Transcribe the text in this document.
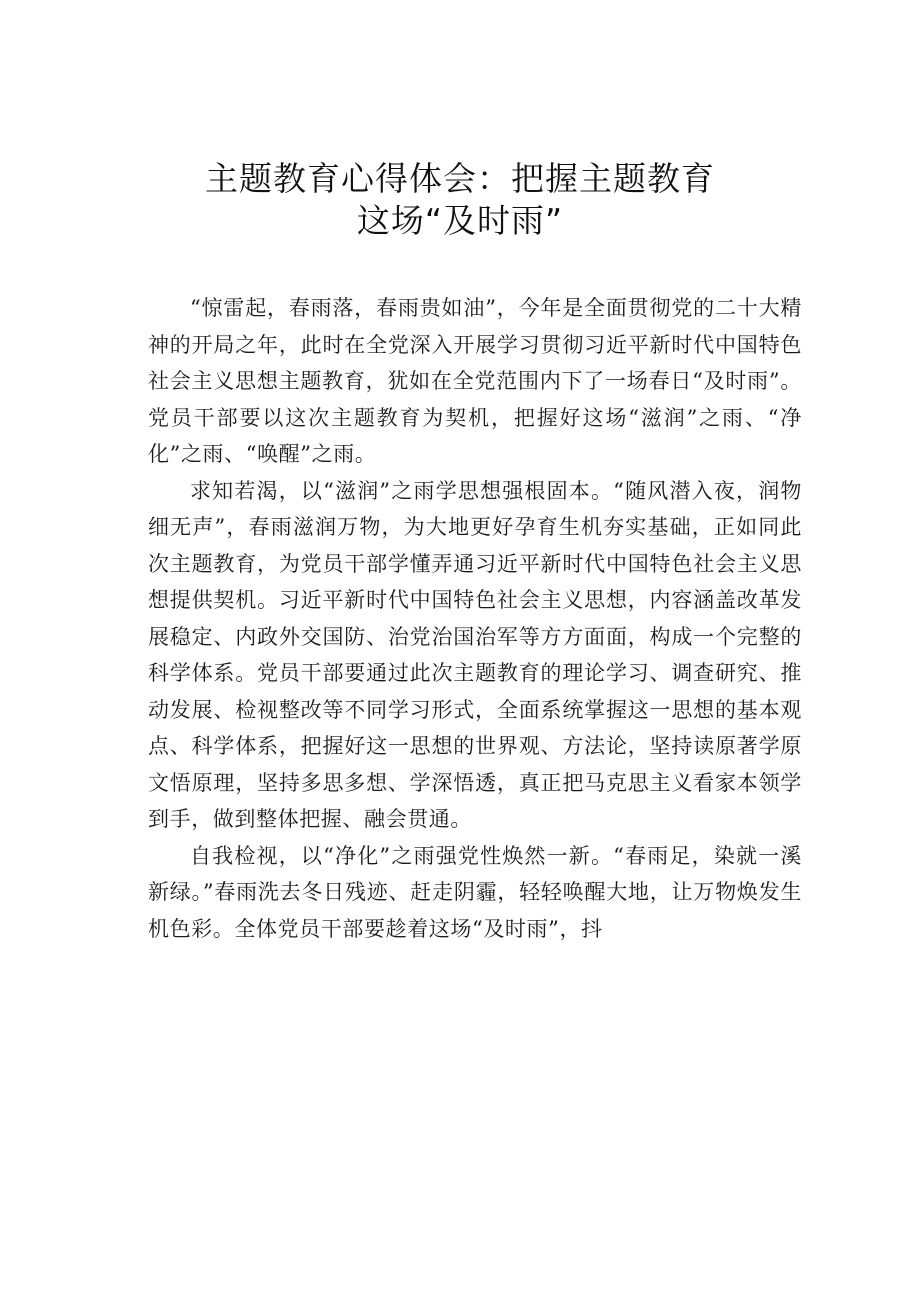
主题教育心得体会：把握主题教育
这场“及时雨”

“惊雷起，春雨落，春雨贵如油”，今年是全面贯彻党的二十大精神的开局之年，此时在全党深入开展学习贯彻习近平新时代中国特色社会主义思想主题教育，犹如在全党范围内下了一场春日“及时雨”。党员干部要以这次主题教育为契机，把握好这场“滋润”之雨、“净化”之雨、“唤醒”之雨。

求知若渴，以“滋润”之雨学思想强根固本。“随风潜入夜，润物细无声”，春雨滋润万物，为大地更好孕育生机夯实基础，正如同此次主题教育，为党员干部学懂弄通习近平新时代中国特色社会主义思想提供契机。习近平新时代中国特色社会主义思想，内容涵盖改革发展稳定、内政外交国防、治党治国治军等方方面面，构成一个完整的科学体系。党员干部要通过此次主题教育的理论学习、调查研究、推动发展、检视整改等不同学习形式，全面系统掌握这一思想的基本观点、科学体系，把握好这一思想的世界观、方法论，坚持读原著学原文悟原理，坚持多思多想、学深悟透，真正把马克思主义看家本领学到手，做到整体把握、融会贯通。

自我检视，以“净化”之雨强党性焕然一新。“春雨足，染就一溪新绿。”春雨洗去冬日残迹、赶走阴霾，轻轻唤醒大地，让万物焕发生机色彩。全体党员干部要趁着这场“及时雨”，抖
